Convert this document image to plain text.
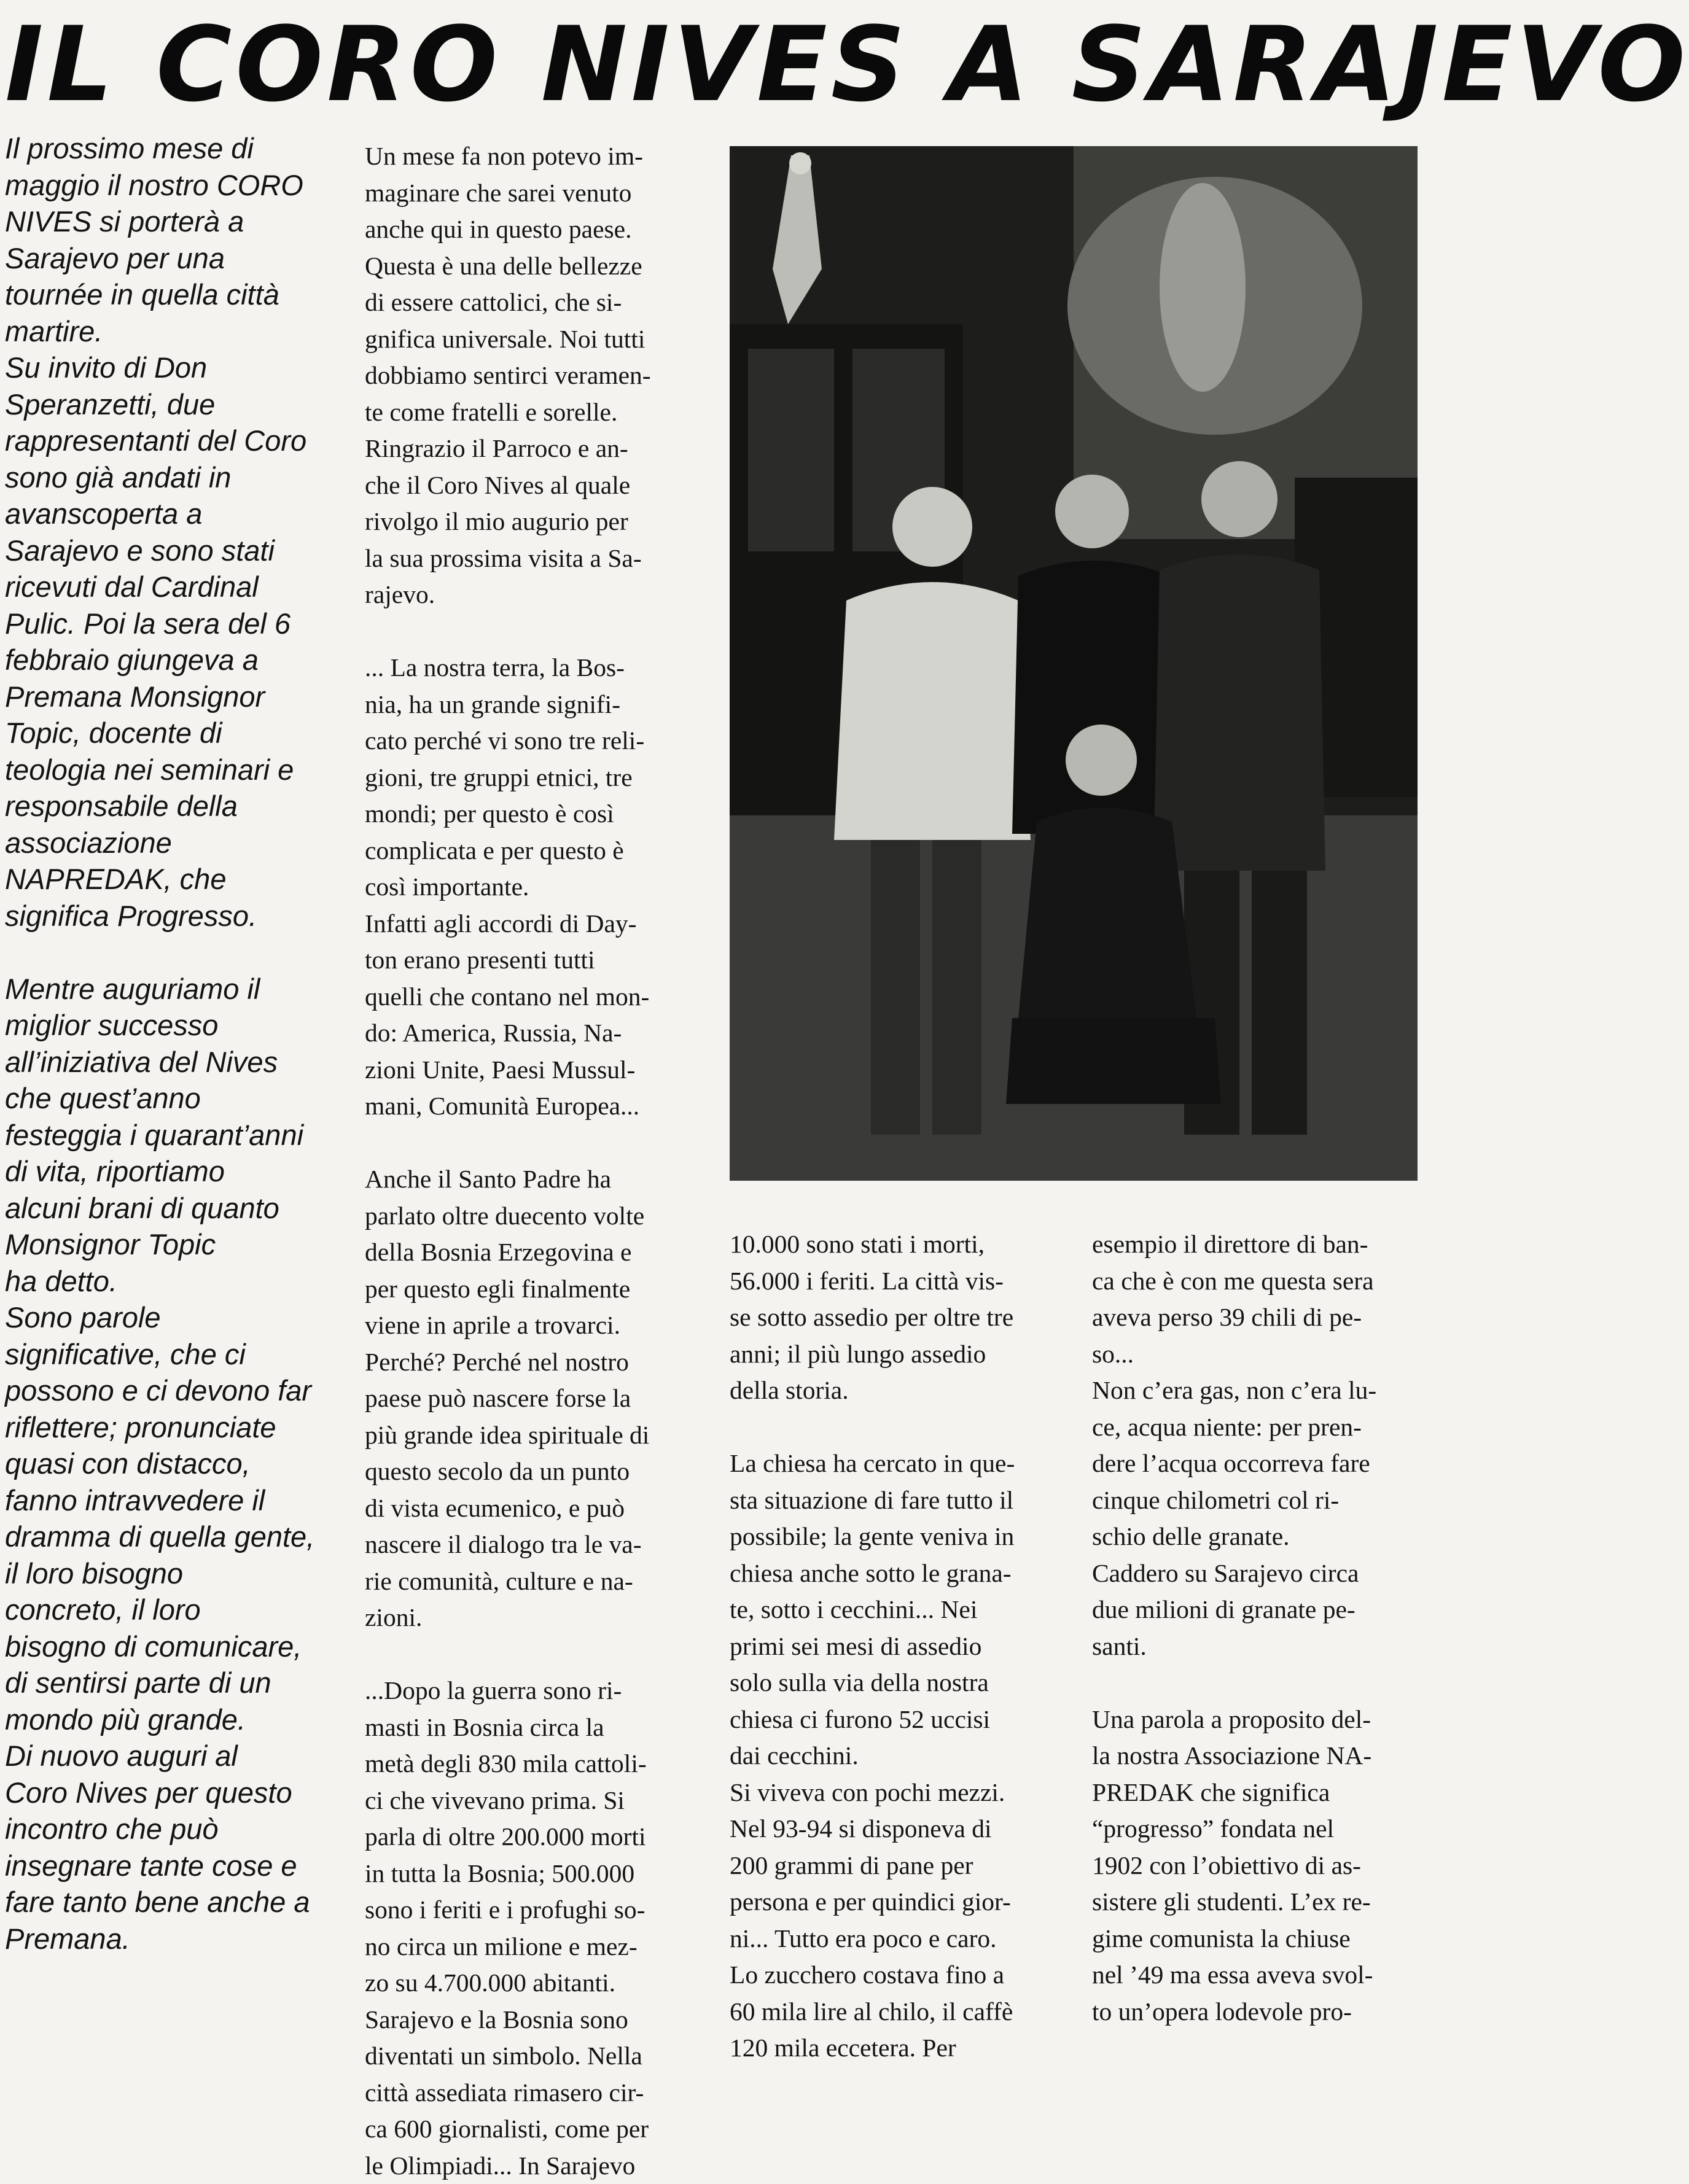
IL CORO NIVES A SARAJEVO
Il prossimo mese di
maggio il nostro CORO
NIVES si porterà a
Sarajevo per una
tournée in quella città
martire.
Su invito di Don
Speranzetti, due
rappresentanti del Coro
sono già andati in
avanscoperta a
Sarajevo e sono stati
ricevuti dal Cardinal
Pulic. Poi la sera del 6
febbraio giungeva a
Premana Monsignor
Topic, docente di
teologia nei seminari e
responsabile della
associazione
NAPREDAK, che
significa Progresso.

Mentre auguriamo il
miglior successo
all’iniziativa del Nives
che quest’anno
festeggia i quarant’anni
di vita, riportiamo
alcuni brani di quanto
Monsignor Topic
ha detto.
Sono parole
significative, che ci
possono e ci devono far
riflettere; pronunciate
quasi con distacco,
fanno intravvedere il
dramma di quella gente,
il loro bisogno
concreto, il loro
bisogno di comunicare,
di sentirsi parte di un
mondo più grande.
Di nuovo auguri al
Coro Nives per questo
incontro che può
insegnare tante cose e
fare tanto bene anche a
Premana.
Un mese fa non potevo im-
maginare che sarei venuto
anche qui in questo paese.
Questa è una delle bellezze
di essere cattolici, che si-
gnifica universale. Noi tutti
dobbiamo sentirci veramen-
te come fratelli e sorelle.
Ringrazio il Parroco e an-
che il Coro Nives al quale
rivolgo il mio augurio per
la sua prossima visita a Sa-
rajevo.

... La nostra terra, la Bos-
nia, ha un grande signifi-
cato perché vi sono tre reli-
gioni, tre gruppi etnici, tre
mondi; per questo è così
complicata e per questo è
così importante.
Infatti agli accordi di Day-
ton erano presenti tutti
quelli che contano nel mon-
do: America, Russia, Na-
zioni Unite, Paesi Mussul-
mani, Comunità Europea...

Anche il Santo Padre ha
parlato oltre duecento volte
della Bosnia Erzegovina e
per questo egli finalmente
viene in aprile a trovarci.
Perché? Perché nel nostro
paese può nascere forse la
più grande idea spirituale di
questo secolo da un punto
di vista ecumenico, e può
nascere il dialogo tra le va-
rie comunità, culture e na-
zioni.

...Dopo la guerra sono ri-
masti in Bosnia circa la
metà degli 830 mila cattoli-
ci che vivevano prima. Si
parla di oltre 200.000 morti
in tutta la Bosnia; 500.000
sono i feriti e i profughi so-
no circa un milione e mez-
zo su 4.700.000 abitanti.
Sarajevo e la Bosnia sono
diventati un simbolo. Nella
città assediata rimasero cir-
ca 600 giornalisti, come per
le Olimpiadi... In Sarajevo
10.000 sono stati i morti,
56.000 i feriti. La città vis-
se sotto assedio per oltre tre
anni; il più lungo assedio
della storia.

La chiesa ha cercato in que-
sta situazione di fare tutto il
possibile; la gente veniva in
chiesa anche sotto le grana-
te, sotto i cecchini... Nei
primi sei mesi di assedio
solo sulla via della nostra
chiesa ci furono 52 uccisi
dai cecchini.
Si viveva con pochi mezzi.
Nel 93-94 si disponeva di
200 grammi di pane per
persona e per quindici gior-
ni... Tutto era poco e caro.
Lo zucchero costava fino a
60 mila lire al chilo, il caffè
120 mila eccetera. Per
esempio il direttore di ban-
ca che è con me questa sera
aveva perso 39 chili di pe-
so...
Non c’era gas, non c’era lu-
ce, acqua niente: per pren-
dere l’acqua occorreva fare
cinque chilometri col ri-
schio delle granate.
Caddero su Sarajevo circa
due milioni di granate pe-
santi.

Una parola a proposito del-
la nostra Associazione NA-
PREDAK che significa
“progresso” fondata nel
1902 con l’obiettivo di as-
sistere gli studenti. L’ex re-
gime comunista la chiuse
nel ’49 ma essa aveva svol-
to un’opera lodevole pro-
